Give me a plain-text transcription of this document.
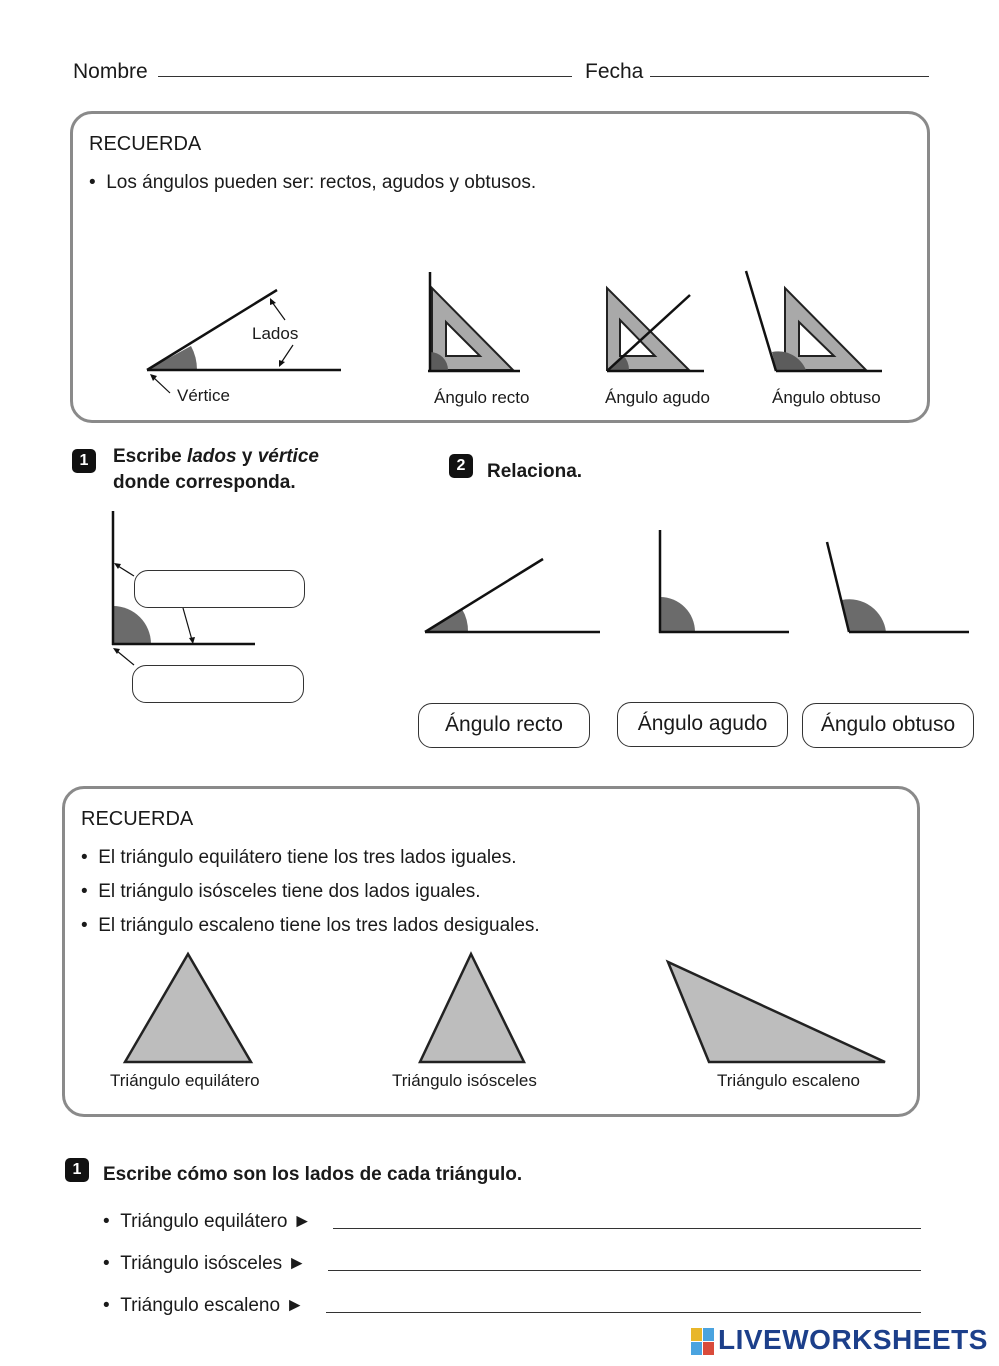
Nombre	Fecha
RECUERDA
•  Los ángulos pueden ser: rectos, agudos y obtusos.
Lados
Vértice	Ángulo recto	Ángulo agudo	Ángulo obtuso
1	Escribe lados y vértice
donde corresponda.
2	Relaciona.
Ángulo recto	Ángulo agudo	Ángulo obtuso
RECUERDA
•  El triángulo equilátero tiene los tres lados iguales.
•  El triángulo isósceles tiene dos lados iguales.
•  El triángulo escaleno tiene los tres lados desiguales.
Triángulo equilátero	Triángulo isósceles	Triángulo escaleno
1	Escribe cómo son los lados de cada triángulo.
•  Triángulo equilátero ►
•  Triángulo isósceles ►
•  Triángulo escaleno ►
LIVEWORKSHEETS
